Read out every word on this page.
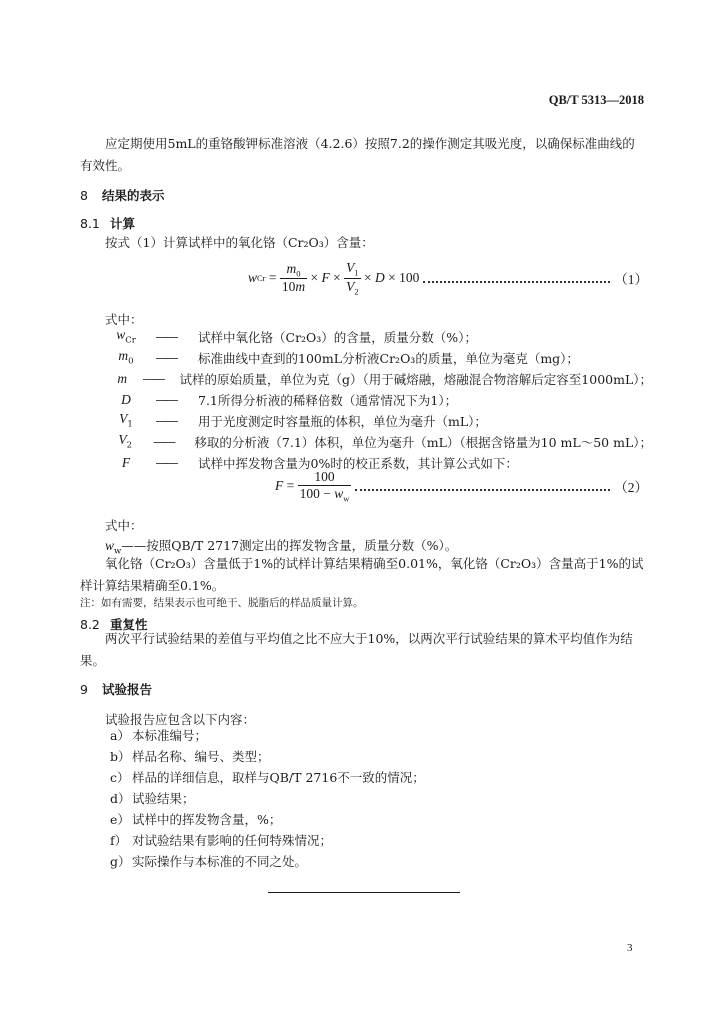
QB/T 5313—2018
应定期使用5mL的重铬酸钾标准溶液（4.2.6）按照7.2的操作测定其吸光度，以确保标准曲线的有效性。
8 结果的表示
8.1 计算
按式（1）计算试样中的氧化铬（Cr₂O₃）含量：
w $Cr = \frac{m_0}{10m} \times F \times \frac{V_1}{V_2} \times D \times 100$	（1）
式中：
$w_{Cr}$	——	试样中氧化铬（Cr₂O₃）的含量，质量分数（%）；
$m_0$	——	标准曲线中查到的100mL分析液Cr₂O₃的质量，单位为毫克（mg）；
m	——	试样的原始质量，单位为克（g）（用于碱熔融，熔融混合物溶解后定容至1000mL）；
D	——	7.1所得分析液的稀释倍数（通常情况下为1）；
$V_1$	——	用于光度测定时容量瓶的体积，单位为毫升（mL）；
$V_2$	——	移取的分析液（7.1）体积，单位为毫升（mL）（根据含铬量为10 mL～50 mL）；
F	——	试样中挥发物含量为0%时的校正系数，其计算公式如下：
$F = \frac{100}{100 - w_w}$	（2）
式中：
$w_w——$按照QB/T 2717测定出的挥发物含量，质量分数（%）。
氧化铬（Cr₂O₃）含量低于1%的试样计算结果精确至0.01%，氧化铬（Cr₂O₃）含量高于1%的试样计算结果精确至0.1%。
注：如有需要，结果表示也可绝干、脱脂后的样品质量计算。
8.2 重复性
两次平行试验结果的差值与平均值之比不应大于10%，以两次平行试验结果的算术平均值作为结果。
9 试验报告
试验报告应包含以下内容：
a） 本标准编号；
b） 样品名称、编号、类型；
c） 样品的详细信息，取样与QB/T 2716不一致的情况；
d） 试验结果；
e） 试样中的挥发物含量，%；
f） 对试验结果有影响的任何特殊情况；
g） 实际操作与本标准的不同之处。
3
